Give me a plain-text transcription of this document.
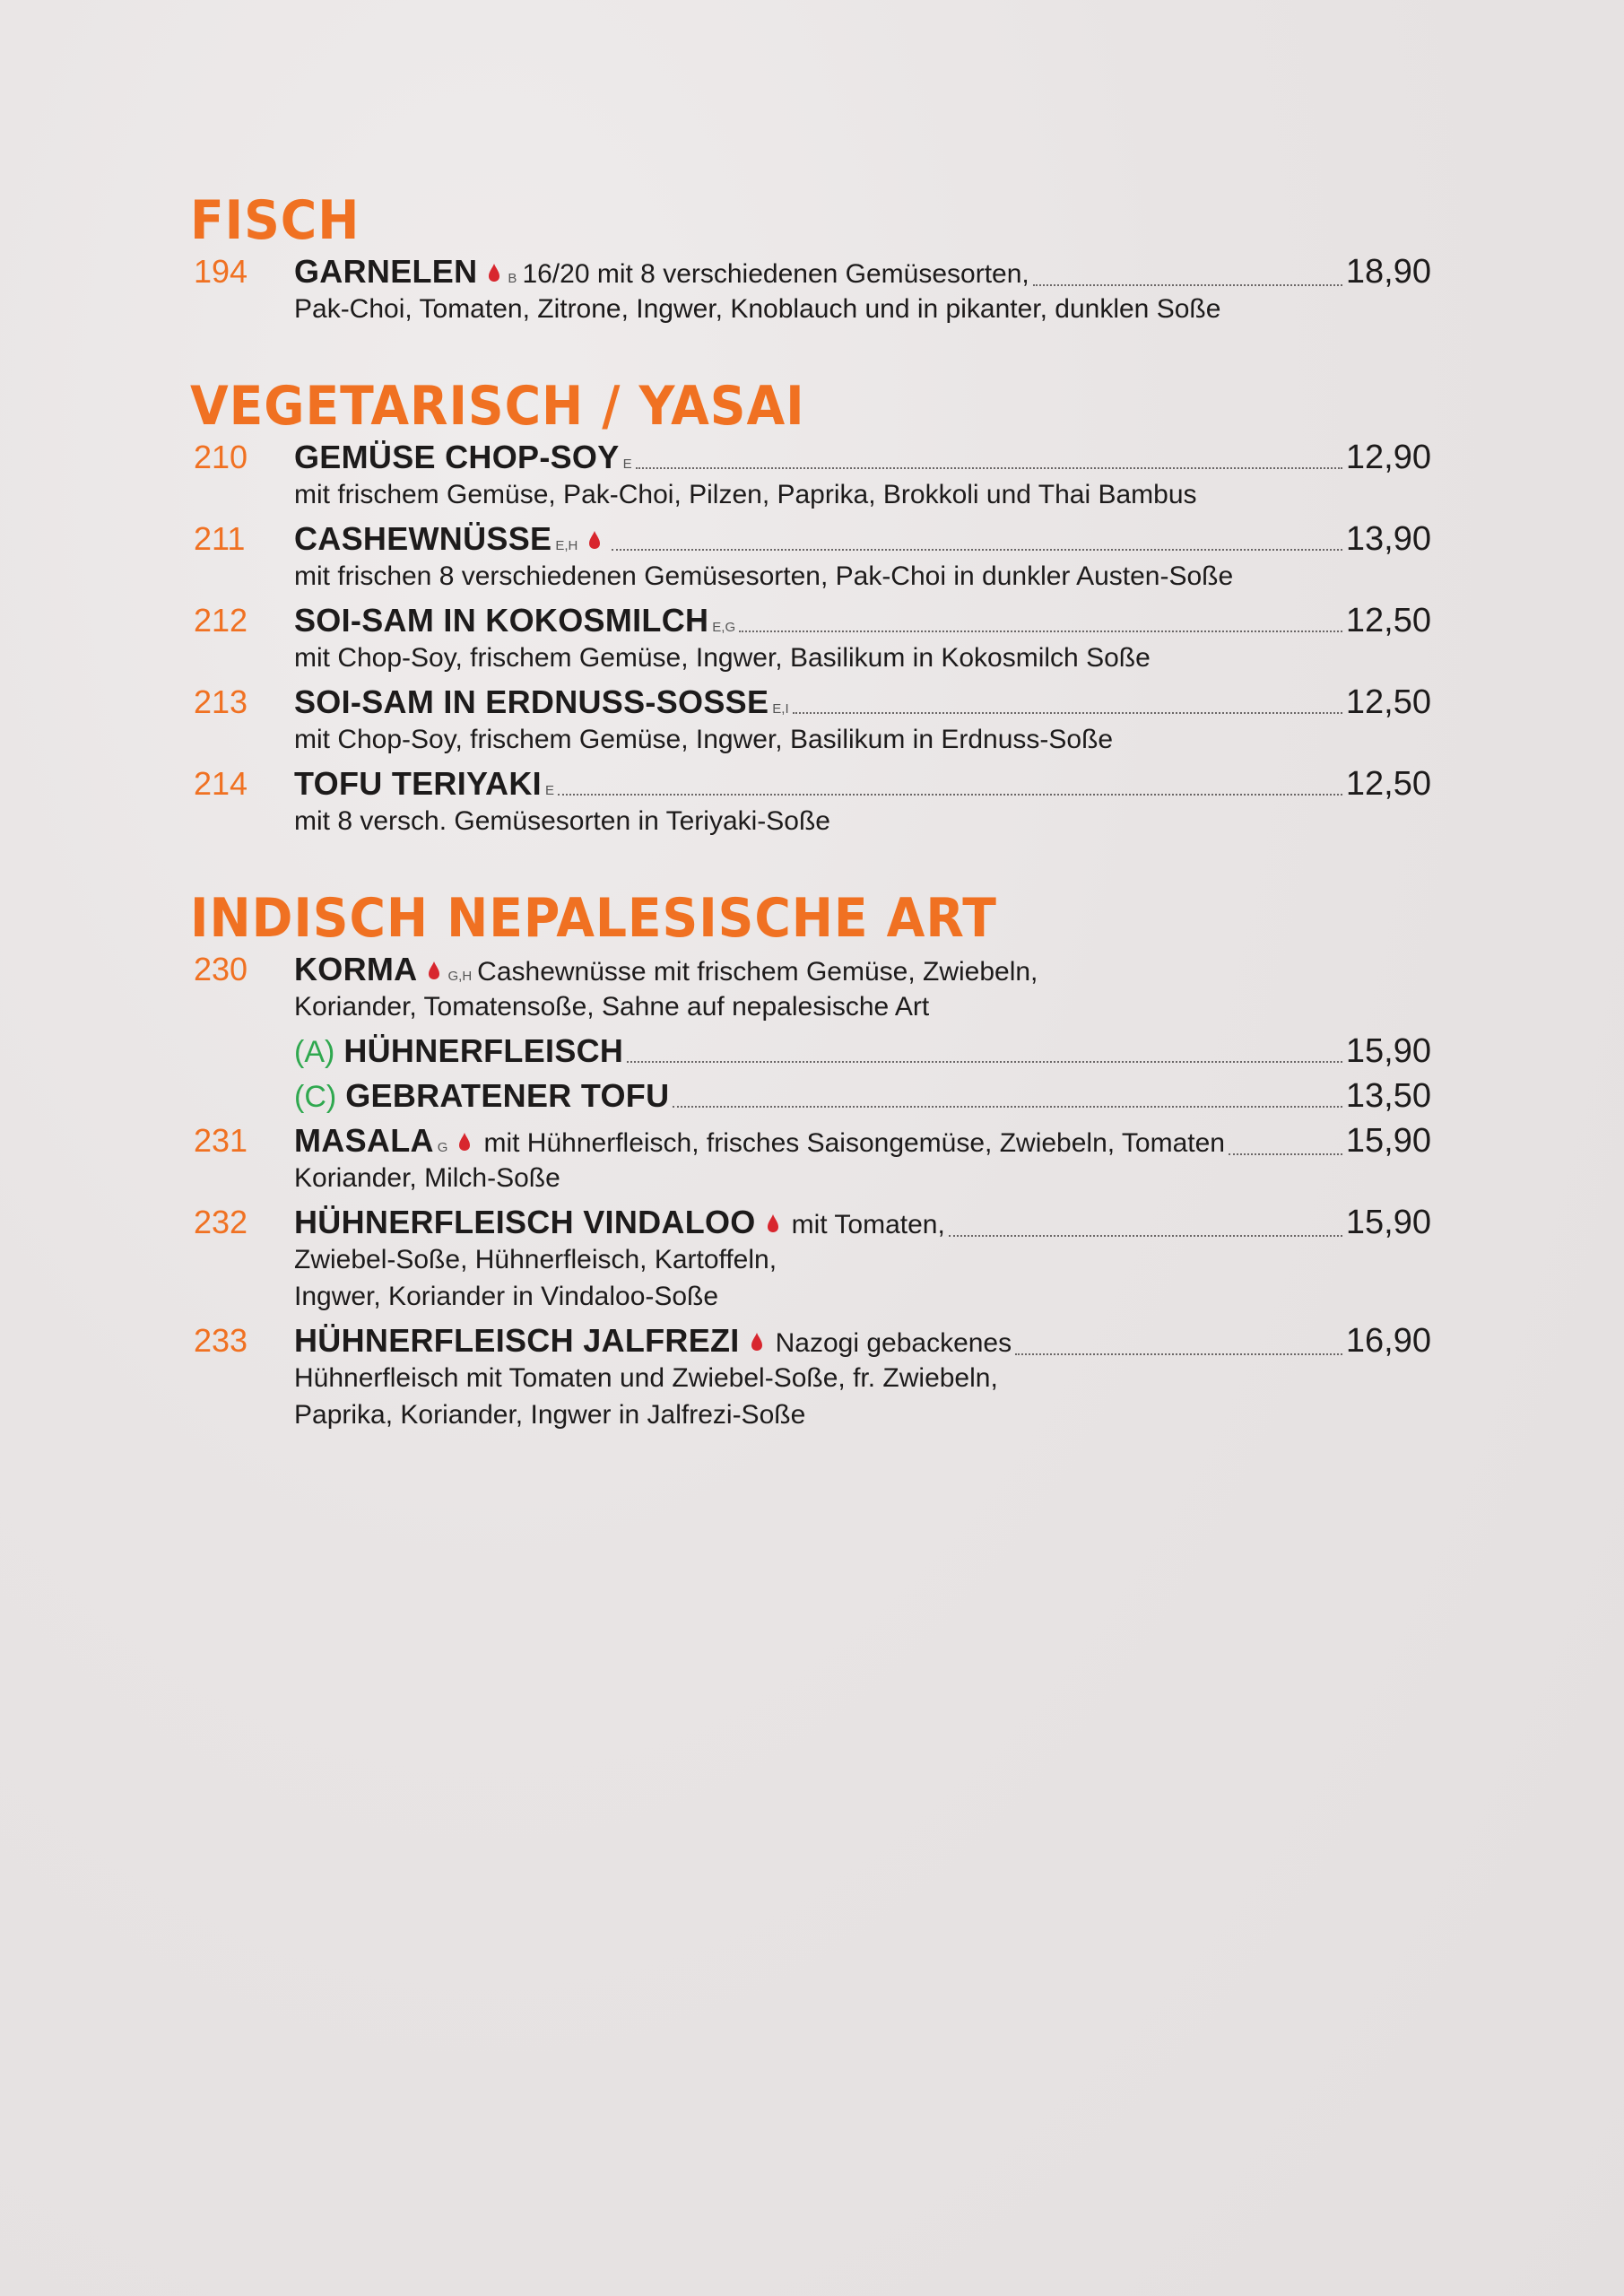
FISCH
194 GARNELEN B 16/20 mit 8 verschiedenen Gemüsesorten,	18,90
Pak-Choi, Tomaten, Zitrone, Ingwer, Knoblauch und in pikanter, dunklen Soße
VEGETARISCH / YASAI
210 GEMÜSE CHOP-SOY E	12,90
mit frischem Gemüse, Pak-Choi, Pilzen, Paprika, Brokkoli und Thai Bambus
211 CASHEWNÜSSE E,H	13,90
mit frischen 8 verschiedenen Gemüsesorten, Pak-Choi in dunkler Austen-Soße
212 SOI-SAM IN KOKOSMILCH E,G	12,50
mit Chop-Soy, frischem Gemüse, Ingwer, Basilikum in Kokosmilch Soße
213 SOI-SAM IN ERDNUSS-SOSSE E,I	12,50
mit Chop-Soy, frischem Gemüse, Ingwer, Basilikum in Erdnuss-Soße
214 TOFU TERIYAKI E	12,50
mit 8 versch. Gemüsesorten in Teriyaki-Soße
INDISCH NEPALESISCHE ART
230 KORMA G,H Cashewnüsse mit frischem Gemüse, Zwiebeln,
Koriander, Tomatensoße, Sahne auf nepalesische Art
(A) HÜHNERFLEISCH	15,90
(C) GEBRATENER TOFU	13,50
231 MASALA G mit Hühnerfleisch, frisches Saisongemüse, Zwiebeln, Tomaten	15,90
Koriander, Milch-Soße
232 HÜHNERFLEISCH VINDALOO mit Tomaten,	15,90
Zwiebel-Soße, Hühnerfleisch, Kartoffeln,
Ingwer, Koriander in Vindaloo-Soße
233 HÜHNERFLEISCH JALFREZI Nazogi gebackenes	16,90
Hühnerfleisch mit Tomaten und Zwiebel-Soße, fr. Zwiebeln,
Paprika, Koriander, Ingwer in Jalfrezi-Soße
